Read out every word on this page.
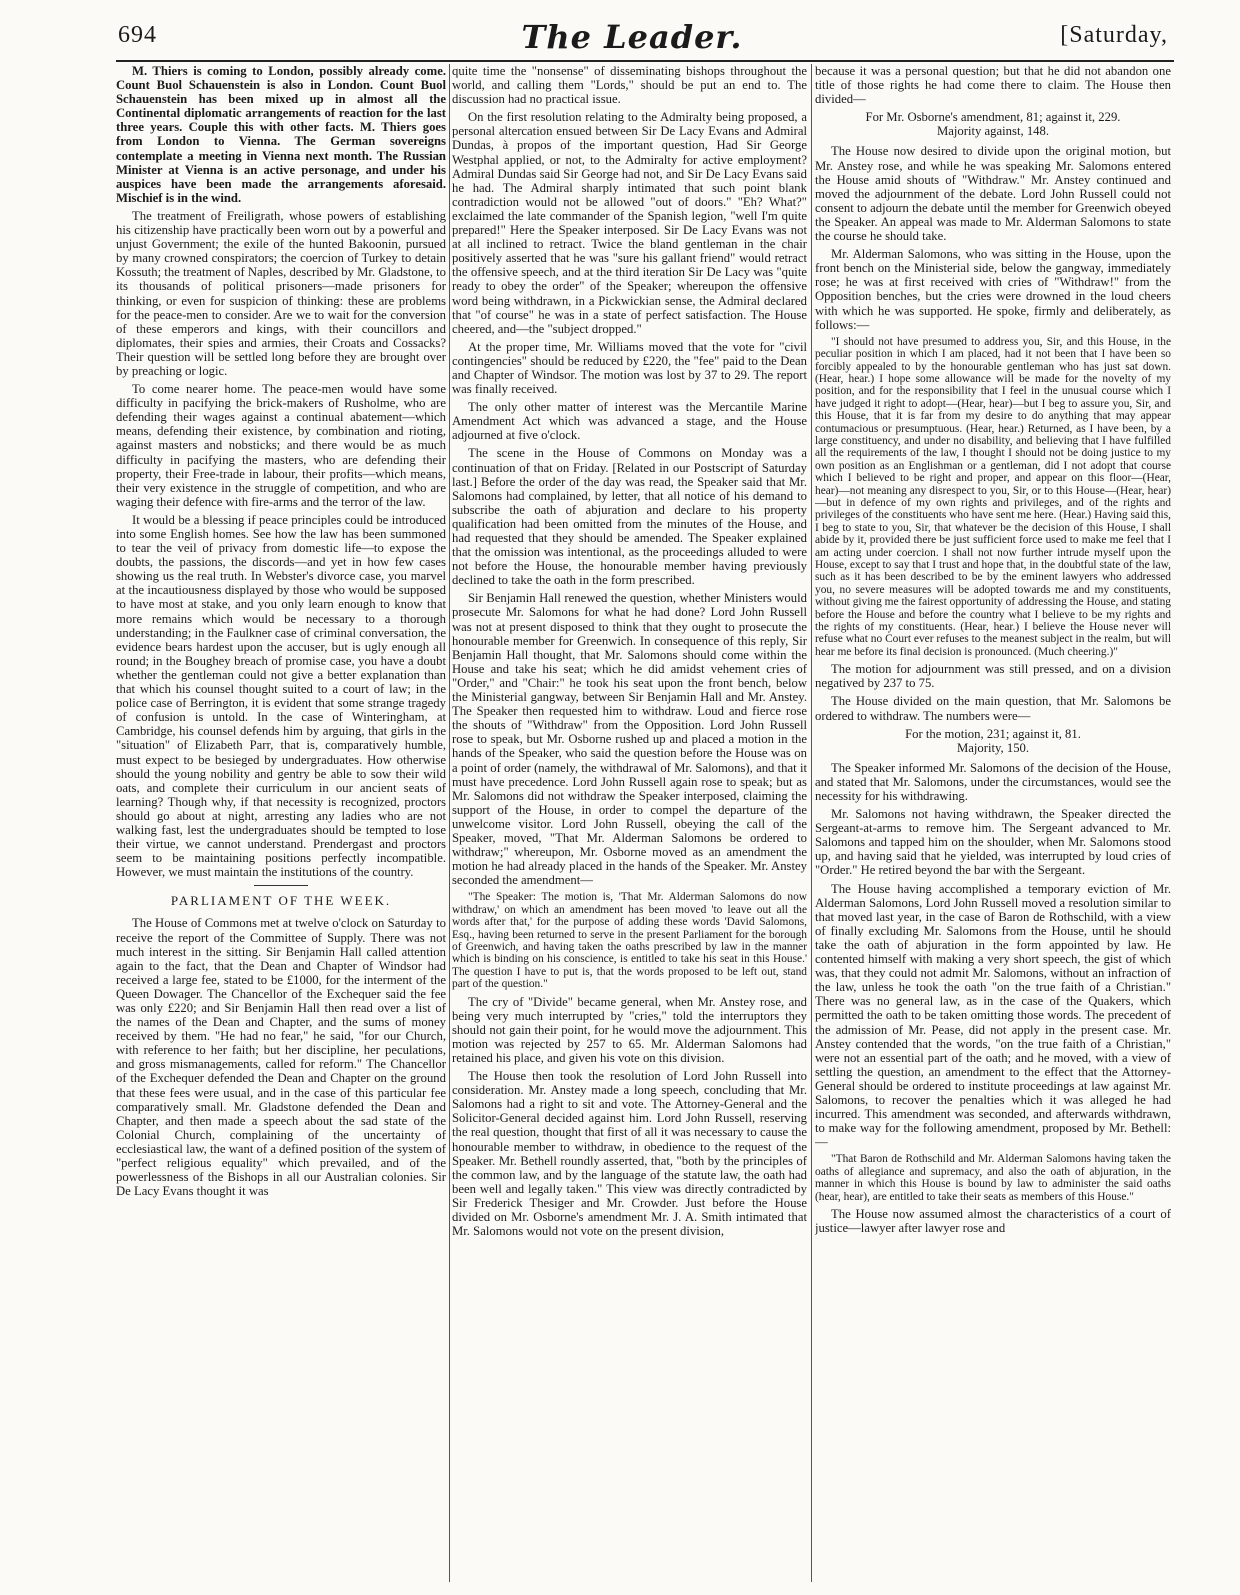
694	The Leader.	[Saturday,

M. Thiers is coming to London, possibly already come. Count Buol Schauenstein is also in London. Count Buol Schauenstein has been mixed up in almost all the Continental diplomatic arrangements of reaction for the last three years. Couple this with other facts. M. Thiers goes from London to Vienna. The German sovereigns contemplate a meeting in Vienna next month. The Russian Minister at Vienna is an active personage, and under his auspices have been made the arrangements aforesaid. Mischief is in the wind.

The treatment of Freiligrath, whose powers of establishing his citizenship have practically been worn out by a powerful and unjust Government; the exile of the hunted Bakoonin, pursued by many crowned conspirators; the coercion of Turkey to detain Kossuth; the treatment of Naples, described by Mr. Gladstone, to its thousands of political prisoners—made prisoners for thinking, or even for suspicion of thinking: these are problems for the peace-men to consider. Are we to wait for the conversion of these emperors and kings, with their councillors and diplomates, their spies and armies, their Croats and Cossacks? Their question will be settled long before they are brought over by preaching or logic.

To come nearer home. The peace-men would have some difficulty in pacifying the brick-makers of Rusholme, who are defending their wages against a continual abatement—which means, defending their existence, by combination and rioting, against masters and nobsticks; and there would be as much difficulty in pacifying the masters, who are defending their property, their Free-trade in labour, their profits—which means, their very existence in the struggle of competition, and who are waging their defence with fire-arms and the terror of the law.

It would be a blessing if peace principles could be introduced into some English homes. See how the law has been summoned to tear the veil of privacy from domestic life—to expose the doubts, the passions, the discords—and yet in how few cases showing us the real truth. In Webster's divorce case, you marvel at the incautiousness displayed by those who would be supposed to have most at stake, and you only learn enough to know that more remains which would be necessary to a thorough understanding; in the Faulkner case of criminal conversation, the evidence bears hardest upon the accuser, but is ugly enough all round; in the Boughey breach of promise case, you have a doubt whether the gentleman could not give a better explanation than that which his counsel thought suited to a court of law; in the police case of Berrington, it is evident that some strange tragedy of confusion is untold. In the case of Winteringham, at Cambridge, his counsel defends him by arguing, that girls in the "situation" of Elizabeth Parr, that is, comparatively humble, must expect to be besieged by undergraduates. How otherwise should the young nobility and gentry be able to sow their wild oats, and complete their curriculum in our ancient seats of learning? Though why, if that necessity is recognized, proctors should go about at night, arresting any ladies who are not walking fast, lest the undergraduates should be tempted to lose their virtue, we cannot understand. Prendergast and proctors seem to be maintaining positions perfectly incompatible. However, we must maintain the institutions of the country.

PARLIAMENT OF THE WEEK.

The House of Commons met at twelve o'clock on Saturday to receive the report of the Committee of Supply. There was not much interest in the sitting. Sir Benjamin Hall called attention again to the fact, that the Dean and Chapter of Windsor had received a large fee, stated to be £1000, for the interment of the Queen Dowager. The Chancellor of the Exchequer said the fee was only £220; and Sir Benjamin Hall then read over a list of the names of the Dean and Chapter, and the sums of money received by them. "He had no fear," he said, "for our Church, with reference to her faith; but her discipline, her peculations, and gross mismanagements, called for reform." The Chancellor of the Exchequer defended the Dean and Chapter on the ground that these fees were usual, and in the case of this particular fee comparatively small. Mr. Gladstone defended the Dean and Chapter, and then made a speech about the sad state of the Colonial Church, complaining of the uncertainty of ecclesiastical law, the want of a defined position of the system of "perfect religious equality" which prevailed, and of the powerlessness of the Bishops in all our Australian colonies. Sir De Lacy Evans thought it was

quite time the "nonsense" of disseminating bishops throughout the world, and calling them "Lords," should be put an end to. The discussion had no practical issue.

On the first resolution relating to the Admiralty being proposed, a personal altercation ensued between Sir De Lacy Evans and Admiral Dundas, à propos of the important question, Had Sir George Westphal applied, or not, to the Admiralty for active employment? Admiral Dundas said Sir George had not, and Sir De Lacy Evans said he had. The Admiral sharply intimated that such point blank contradiction would not be allowed "out of doors." "Eh? What?" exclaimed the late commander of the Spanish legion, "well I'm quite prepared!" Here the Speaker interposed. Sir De Lacy Evans was not at all inclined to retract. Twice the bland gentleman in the chair positively asserted that he was "sure his gallant friend" would retract the offensive speech, and at the third iteration Sir De Lacy was "quite ready to obey the order" of the Speaker; whereupon the offensive word being withdrawn, in a Pickwickian sense, the Admiral declared that "of course" he was in a state of perfect satisfaction. The House cheered, and—the "subject dropped."

At the proper time, Mr. Williams moved that the vote for "civil contingencies" should be reduced by £220, the "fee" paid to the Dean and Chapter of Windsor. The motion was lost by 37 to 29. The report was finally received.

The only other matter of interest was the Mercantile Marine Amendment Act which was advanced a stage, and the House adjourned at five o'clock.

The scene in the House of Commons on Monday was a continuation of that on Friday. [Related in our Postscript of Saturday last.] Before the order of the day was read, the Speaker said that Mr. Salomons had complained, by letter, that all notice of his demand to subscribe the oath of abjuration and declare to his property qualification had been omitted from the minutes of the House, and had requested that they should be amended. The Speaker explained that the omission was intentional, as the proceedings alluded to were not before the House, the honourable member having previously declined to take the oath in the form prescribed.

Sir Benjamin Hall renewed the question, whether Ministers would prosecute Mr. Salomons for what he had done? Lord John Russell was not at present disposed to think that they ought to prosecute the honourable member for Greenwich. In consequence of this reply, Sir Benjamin Hall thought, that Mr. Salomons should come within the House and take his seat; which he did amidst vehement cries of "Order," and "Chair:" he took his seat upon the front bench, below the Ministerial gangway, between Sir Benjamin Hall and Mr. Anstey. The Speaker then requested him to withdraw. Loud and fierce rose the shouts of "Withdraw" from the Opposition. Lord John Russell rose to speak, but Mr. Osborne rushed up and placed a motion in the hands of the Speaker, who said the question before the House was on a point of order (namely, the withdrawal of Mr. Salomons), and that it must have precedence. Lord John Russell again rose to speak; but as Mr. Salomons did not withdraw the Speaker interposed, claiming the support of the House, in order to compel the departure of the unwelcome visitor. Lord John Russell, obeying the call of the Speaker, moved, "That Mr. Alderman Salomons be ordered to withdraw;" whereupon, Mr. Osborne moved as an amendment the motion he had already placed in the hands of the Speaker. Mr. Anstey seconded the amendment—

"The Speaker: The motion is, 'That Mr. Alderman Salomons do now withdraw,' on which an amendment has been moved 'to leave out all the words after that,' for the purpose of adding these words 'David Salomons, Esq., having been returned to serve in the present Parliament for the borough of Greenwich, and having taken the oaths prescribed by law in the manner which is binding on his conscience, is entitled to take his seat in this House.' The question I have to put is, that the words proposed to be left out, stand part of the question."

The cry of "Divide" became general, when Mr. Anstey rose, and being very much interrupted by "cries," told the interruptors they should not gain their point, for he would move the adjournment. This motion was rejected by 257 to 65. Mr. Alderman Salomons had retained his place, and given his vote on this division.

The House then took the resolution of Lord John Russell into consideration. Mr. Anstey made a long speech, concluding that Mr. Salomons had a right to sit and vote. The Attorney-General and the Solicitor-General decided against him. Lord John Russell, reserving the real question, thought that first of all it was necessary to cause the honourable member to withdraw, in obedience to the request of the Speaker. Mr. Bethell roundly asserted, that, "both by the principles of the common law, and by the language of the statute law, the oath had been well and legally taken." This view was directly contradicted by Sir Frederick Thesiger and Mr. Crowder. Just before the House divided on Mr. Osborne's amendment Mr. J. A. Smith intimated that Mr. Salomons would not vote on the present division,

because it was a personal question; but that he did not abandon one title of those rights he had come there to claim. The House then divided—

For Mr. Osborne's amendment, 81; against it, 229.
Majority against, 148.

The House now desired to divide upon the original motion, but Mr. Anstey rose, and while he was speaking Mr. Salomons entered the House amid shouts of "Withdraw." Mr. Anstey continued and moved the adjournment of the debate. Lord John Russell could not consent to adjourn the debate until the member for Greenwich obeyed the Speaker. An appeal was made to Mr. Alderman Salomons to state the course he should take.

Mr. Alderman Salomons, who was sitting in the House, upon the front bench on the Ministerial side, below the gangway, immediately rose; he was at first received with cries of "Withdraw!" from the Opposition benches, but the cries were drowned in the loud cheers with which he was supported. He spoke, firmly and deliberately, as follows:—

"I should not have presumed to address you, Sir, and this House, in the peculiar position in which I am placed, had it not been that I have been so forcibly appealed to by the honourable gentleman who has just sat down. (Hear, hear.) I hope some allowance will be made for the novelty of my position, and for the responsibility that I feel in the unusual course which I have judged it right to adopt—(Hear, hear)—but I beg to assure you, Sir, and this House, that it is far from my desire to do anything that may appear contumacious or presumptuous. (Hear, hear.) Returned, as I have been, by a large constituency, and under no disability, and believing that I have fulfilled all the requirements of the law, I thought I should not be doing justice to my own position as an Englishman or a gentleman, did I not adopt that course which I believed to be right and proper, and appear on this floor—(Hear, hear)—not meaning any disrespect to you, Sir, or to this House—(Hear, hear)—but in defence of my own rights and privileges, and of the rights and privileges of the constituents who have sent me here. (Hear.) Having said this, I beg to state to you, Sir, that whatever be the decision of this House, I shall abide by it, provided there be just sufficient force used to make me feel that I am acting under coercion. I shall not now further intrude myself upon the House, except to say that I trust and hope that, in the doubtful state of the law, such as it has been described to be by the eminent lawyers who addressed you, no severe measures will be adopted towards me and my constituents, without giving me the fairest opportunity of addressing the House, and stating before the House and before the country what I believe to be my rights and the rights of my constituents. (Hear, hear.) I believe the House never will refuse what no Court ever refuses to the meanest subject in the realm, but will hear me before its final decision is pronounced. (Much cheering.)"

The motion for adjournment was still pressed, and on a division negatived by 237 to 75.

The House divided on the main question, that Mr. Salomons be ordered to withdraw. The numbers were—

For the motion, 231; against it, 81.
Majority, 150.

The Speaker informed Mr. Salomons of the decision of the House, and stated that Mr. Salomons, under the circumstances, would see the necessity for his withdrawing.

Mr. Salomons not having withdrawn, the Speaker directed the Sergeant-at-arms to remove him. The Sergeant advanced to Mr. Salomons and tapped him on the shoulder, when Mr. Salomons stood up, and having said that he yielded, was interrupted by loud cries of "Order." He retired beyond the bar with the Sergeant.

The House having accomplished a temporary eviction of Mr. Alderman Salomons, Lord John Russell moved a resolution similar to that moved last year, in the case of Baron de Rothschild, with a view of finally excluding Mr. Salomons from the House, until he should take the oath of abjuration in the form appointed by law. He contented himself with making a very short speech, the gist of which was, that they could not admit Mr. Salomons, without an infraction of the law, unless he took the oath "on the true faith of a Christian." There was no general law, as in the case of the Quakers, which permitted the oath to be taken omitting those words. The precedent of the admission of Mr. Pease, did not apply in the present case. Mr. Anstey contended that the words, "on the true faith of a Christian," were not an essential part of the oath; and he moved, with a view of settling the question, an amendment to the effect that the Attorney-General should be ordered to institute proceedings at law against Mr. Salomons, to recover the penalties which it was alleged he had incurred. This amendment was seconded, and afterwards withdrawn, to make way for the following amendment, proposed by Mr. Bethell:—

"That Baron de Rothschild and Mr. Alderman Salomons having taken the oaths of allegiance and supremacy, and also the oath of abjuration, in the manner in which this House is bound by law to administer the said oaths (hear, hear), are entitled to take their seats as members of this House."

The House now assumed almost the characteristics of a court of justice—lawyer after lawyer rose and
